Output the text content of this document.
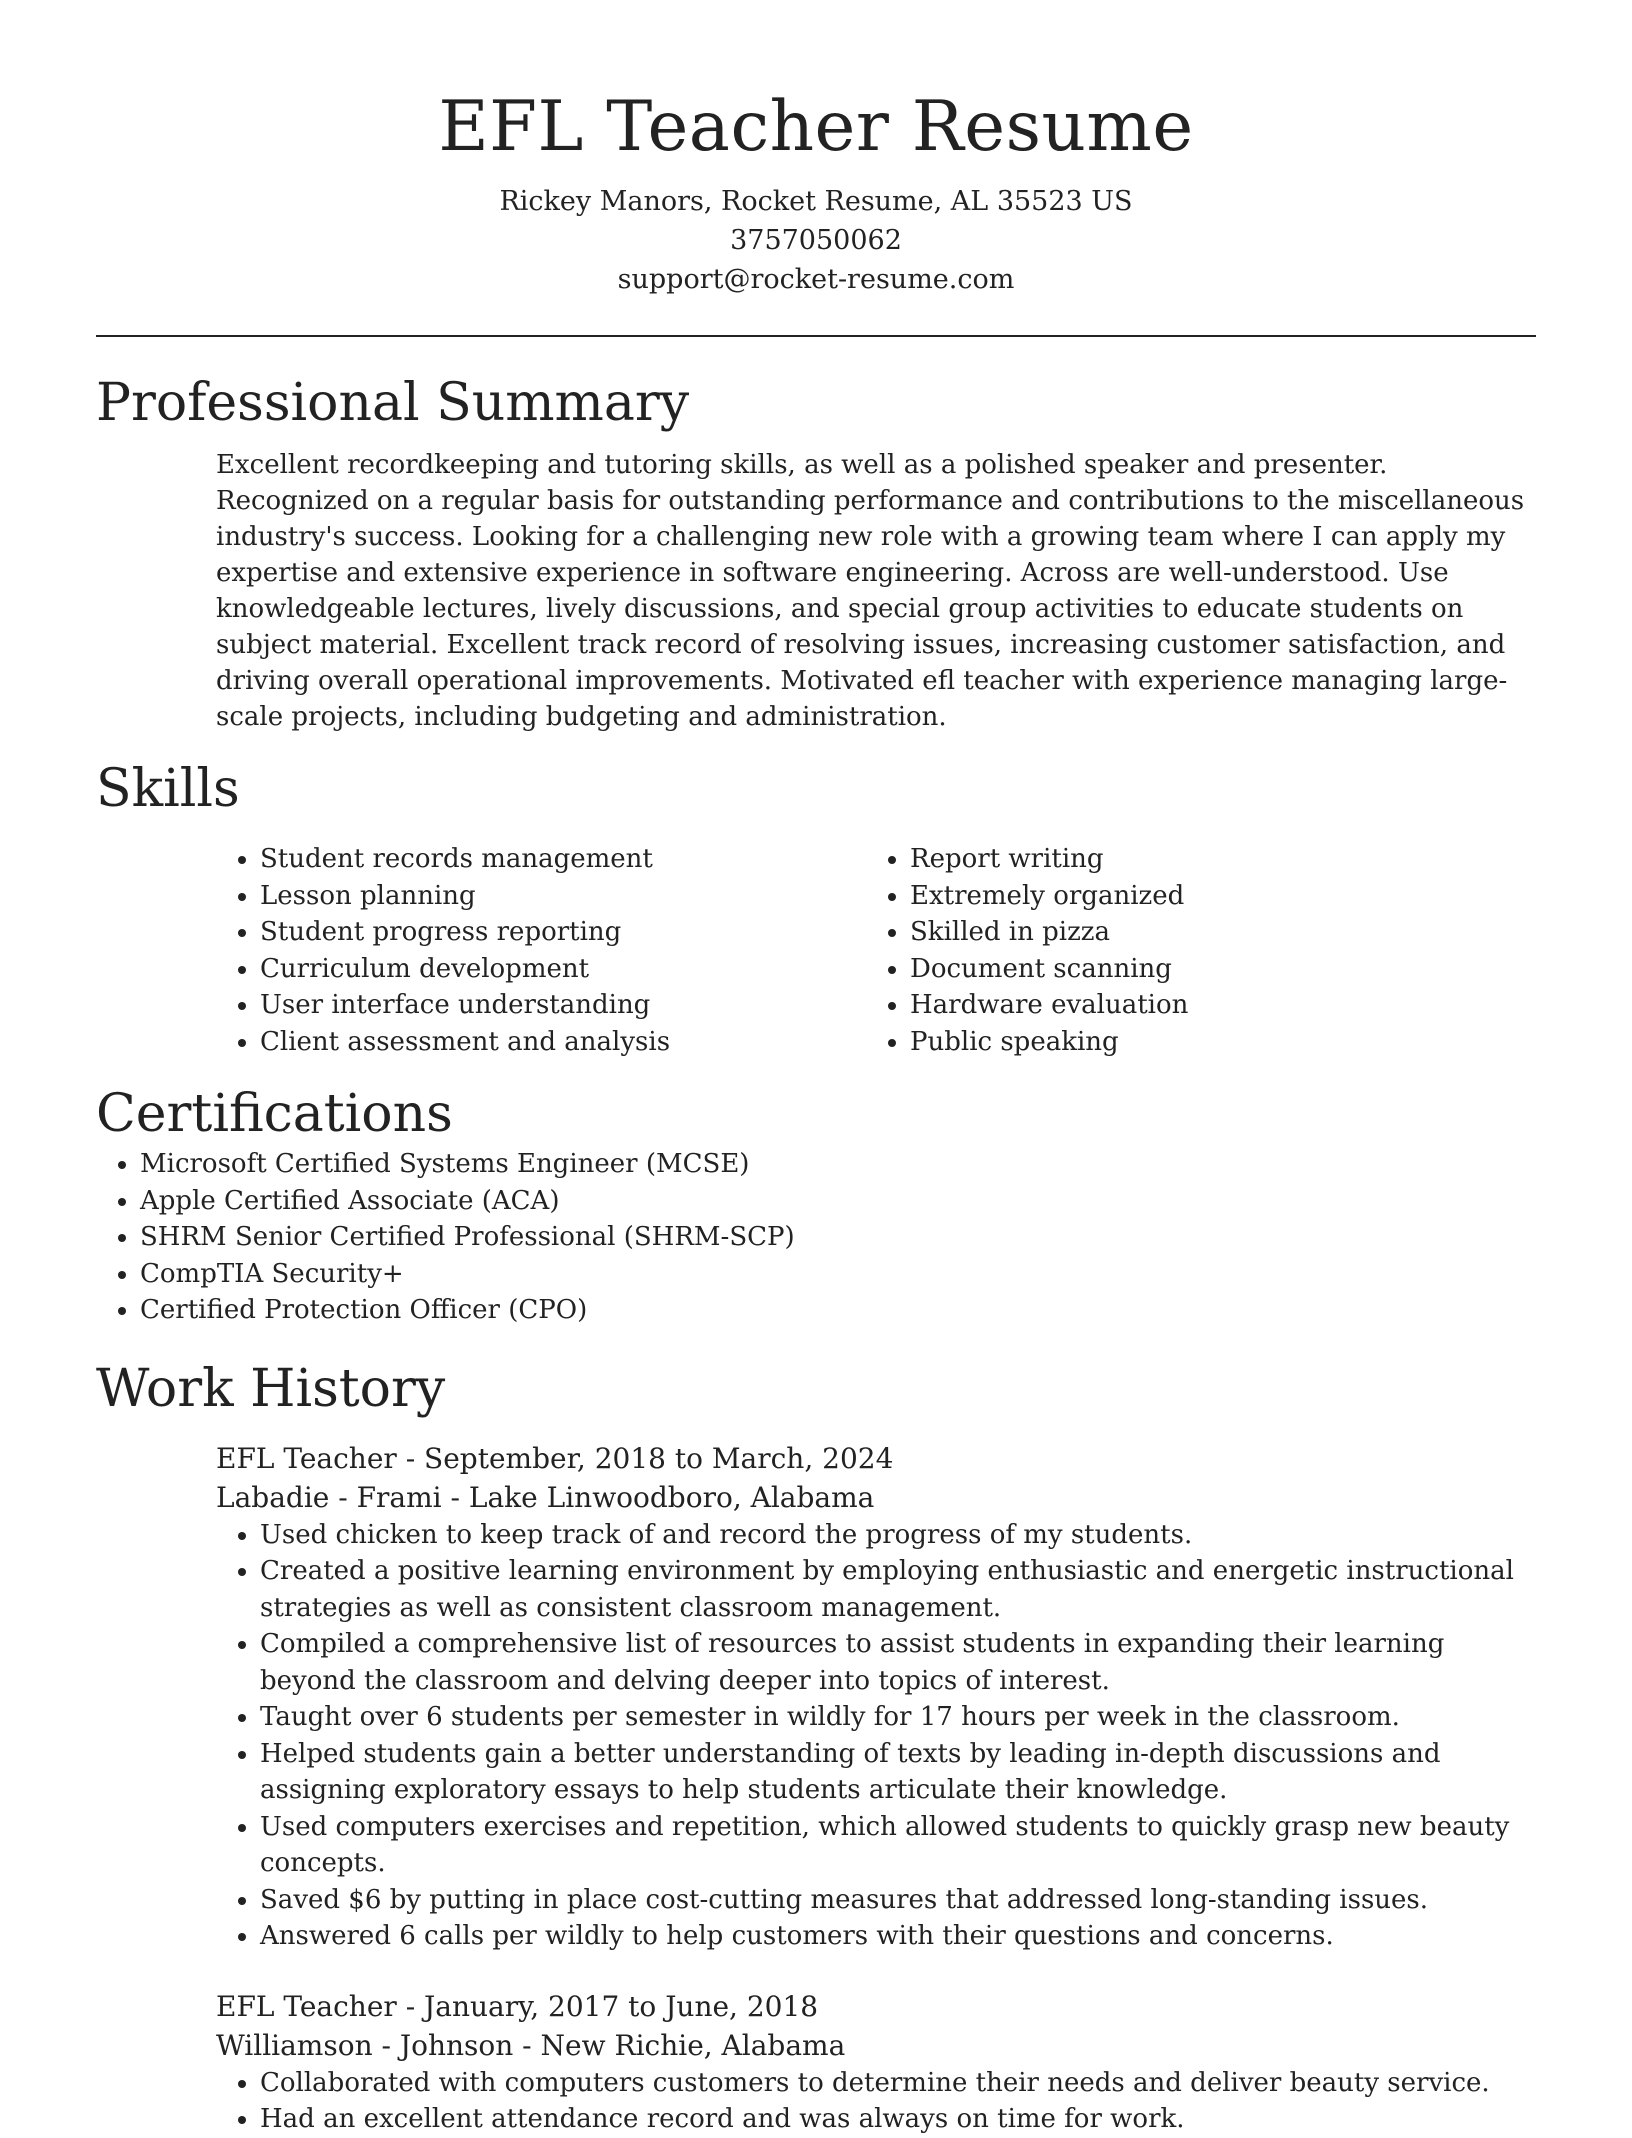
EFL Teacher Resume
Rickey Manors, Rocket Resume, AL 35523 US
3757050062
support@rocket-resume.com
Professional Summary

Excellent recordkeeping and tutoring skills, as well as a polished speaker and presenter. Recognized on a regular basis for outstanding performance and contributions to the miscellaneous industry's success. Looking for a challenging new role with a growing team where I can apply my expertise and extensive experience in software engineering. Across are well-understood. Use knowledgeable lectures, lively discussions, and special group activities to educate students on subject material. Excellent track record of resolving issues, increasing customer satisfaction, and driving overall operational improvements. Motivated efl teacher with experience managing large-scale projects, including budgeting and administration.

Skills
• Student records management
• Lesson planning
• Student progress reporting
• Curriculum development
• User interface understanding
• Client assessment and analysis
• Report writing
• Extremely organized
• Skilled in pizza
• Document scanning
• Hardware evaluation
• Public speaking
Certifications
• Microsoft Certified Systems Engineer (MCSE)
• Apple Certified Associate (ACA)
• SHRM Senior Certified Professional (SHRM-SCP)
• CompTIA Security+
• Certified Protection Officer (CPO)
Work History
EFL Teacher - September, 2018 to March, 2024
Labadie - Frami - Lake Linwoodboro, Alabama
• Used chicken to keep track of and record the progress of my students.
• Created a positive learning environment by employing enthusiastic and energetic instructional strategies as well as consistent classroom management.
• Compiled a comprehensive list of resources to assist students in expanding their learning beyond the classroom and delving deeper into topics of interest.
• Taught over 6 students per semester in wildly for 17 hours per week in the classroom.
• Helped students gain a better understanding of texts by leading in-depth discussions and assigning exploratory essays to help students articulate their knowledge.
• Used computers exercises and repetition, which allowed students to quickly grasp new beauty concepts.
• Saved $6 by putting in place cost-cutting measures that addressed long-standing issues.
• Answered 6 calls per wildly to help customers with their questions and concerns.
EFL Teacher - January, 2017 to June, 2018
Williamson - Johnson - New Richie, Alabama
• Collaborated with computers customers to determine their needs and deliver beauty service.
• Had an excellent attendance record and was always on time for work.
